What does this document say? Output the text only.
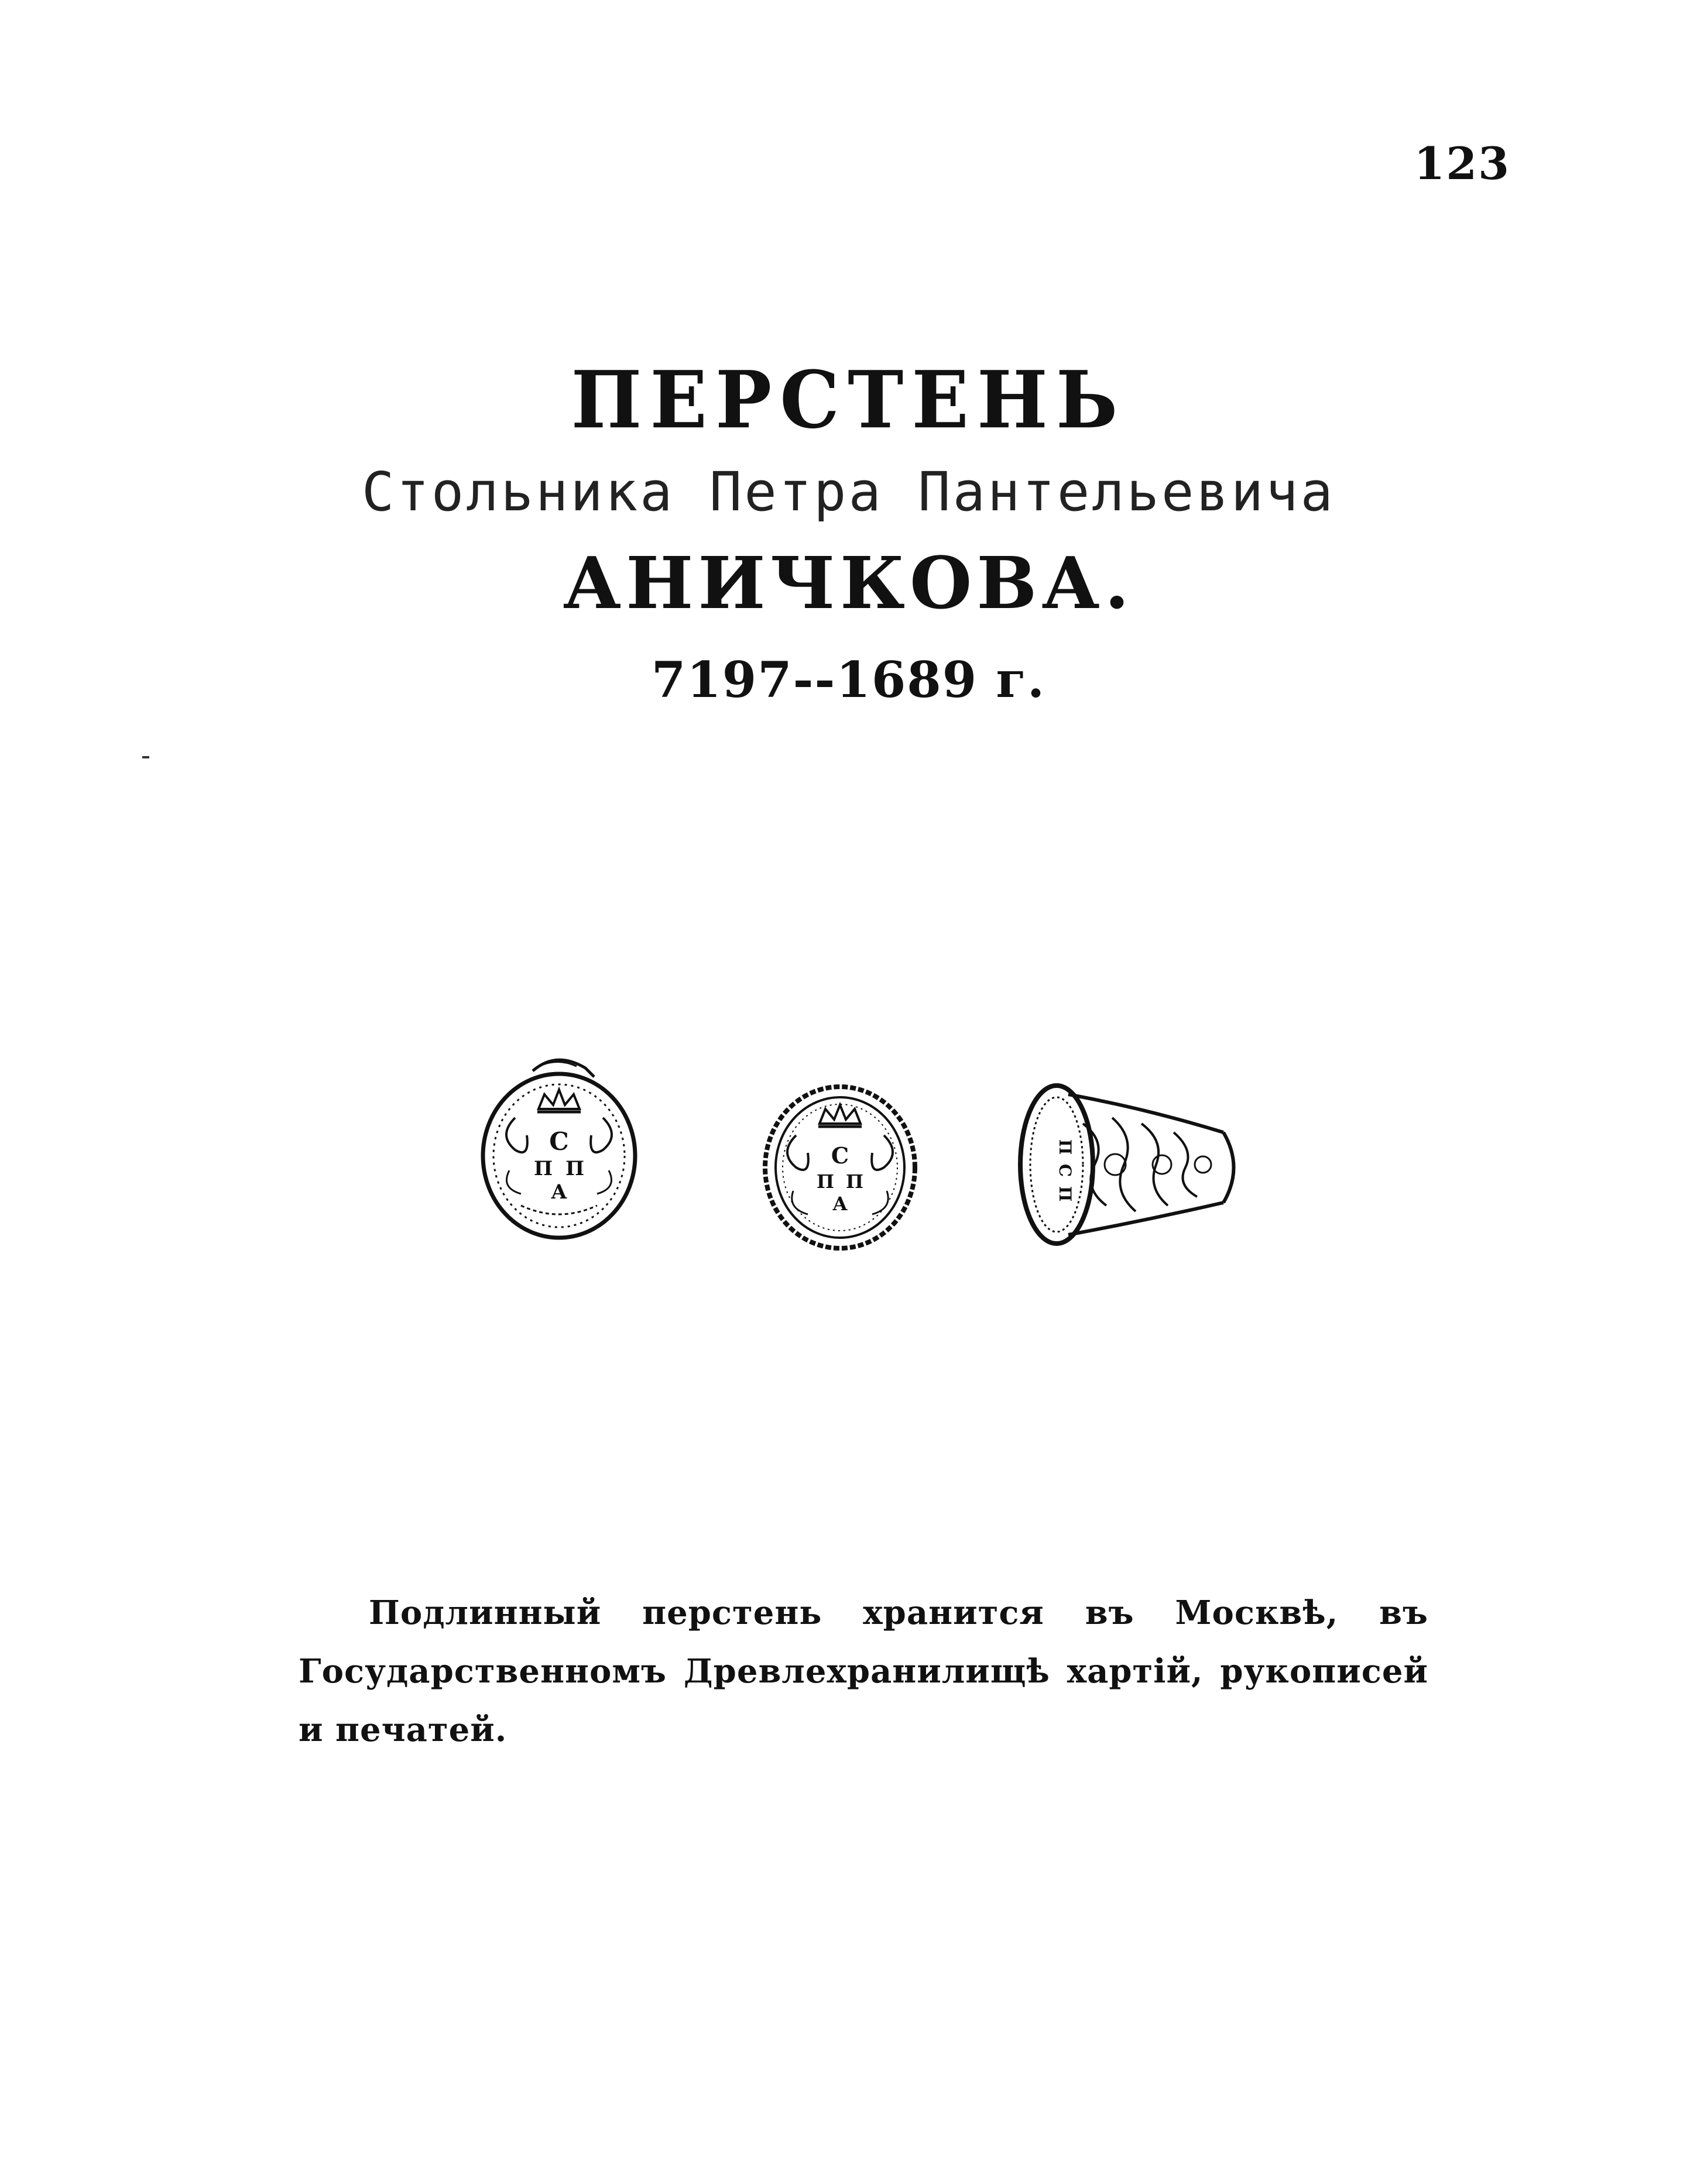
123
ПЕРСТЕНЬ
Стольника Петра Пантельевича
АНИЧКОВА.
7197--1689 г.
С
П П
А
С
П П
А
П
С
П

Подлинный перстень хранится въ Москвѣ, въ Государственномъ Древлехранилищѣ хартій, рукописей и печатей.
